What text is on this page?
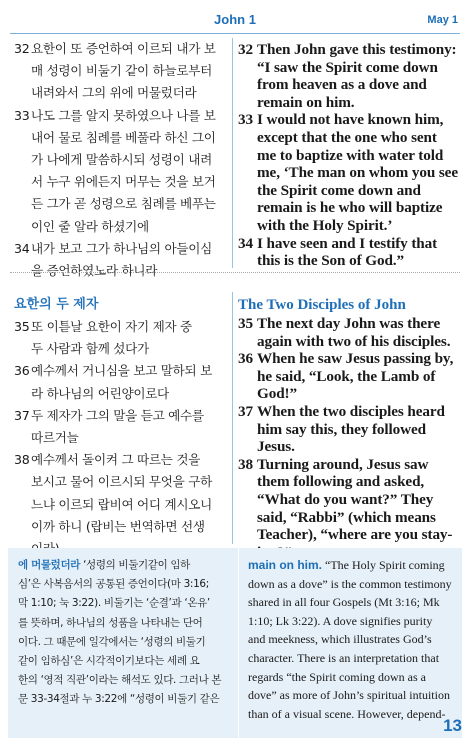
John 1	May 1
32 요한이 또 증언하여 이르되 내가 보
매 성령이 비둘기 같이 하늘로부터
내려와서 그의 위에 머물렀더라
33 나도 그를 알지 못하였으나 나를 보
내어 물로 침례를 베풀라 하신 그이
가 나에게 말씀하시되 성령이 내려
서 누구 위에든지 머무는 것을 보거
든 그가 곧 성령으로 침례를 베푸는
이인 줄 알라 하셨기에
34 내가 보고 그가 하나님의 아들이심
을 증언하였노라 하니라
32 Then John gave this testimony:
“I saw the Spirit come down
from heaven as a dove and
remain on him.
33 I would not have known him,
except that the one who sent
me to baptize with water told
me, ‘The man on whom you see
the Spirit come down and
remain is he who will baptize
with the Holy Spirit.’
34 I have seen and I testify that
this is the Son of God.”
요한의 두 제자
35 또 이튿날 요한이 자기 제자 중
두 사람과 함께 섰다가
36 예수께서 거니심을 보고 말하되 보
라 하나님의 어린양이로다
37 두 제자가 그의 말을 듣고 예수를
따르거늘
38 예수께서 돌이켜 그 따르는 것을
보시고 물어 이르시되 무엇을 구하
느냐 이르되 랍비여 어디 계시오니
이까 하니 (랍비는 번역하면 선생
The Two Disciples of John
35 The next day John was there
again with two of his disciples.
36 When he saw Jesus passing by,
he said, “Look, the Lamb of
God!”
37 When the two disciples heard
him say this, they followed
Jesus.
38 Turning around, Jesus saw
them following and asked,
“What do you want?” They
said, “Rabbi” (which means
Teacher), “where are you stay-
에 머물렀더라 ‘성령의 비둘기같이 임하
심’은 사복음서의 공통된 증언이다(마 3:16;
막 1:10; 눅 3:22). 비둘기는 ‘순결’과 ‘온유’
를 뜻하며, 하나님의 성품을 나타내는 단어
이다. 그 때문에 일각에서는 ‘성령의 비둘기
같이 임하심’은 시각적이기보다는 세례 요
한의 ‘영적 직관’이라는 해석도 있다. 그러나 본
문 33-34절과 누 3:22에 “성령이 비둘기 같은
main on him. “The Holy Spirit coming
down as a dove” is the common testimony
shared in all four Gospels (Mt 3:16; Mk
1:10; Lk 3:22). A dove signifies purity
and meekness, which illustrates God’s
character. There is an interpretation that
regards “the Spirit coming down as a
dove” as more of John’s spiritual intuition
than of a visual scene. However, depend-
13
